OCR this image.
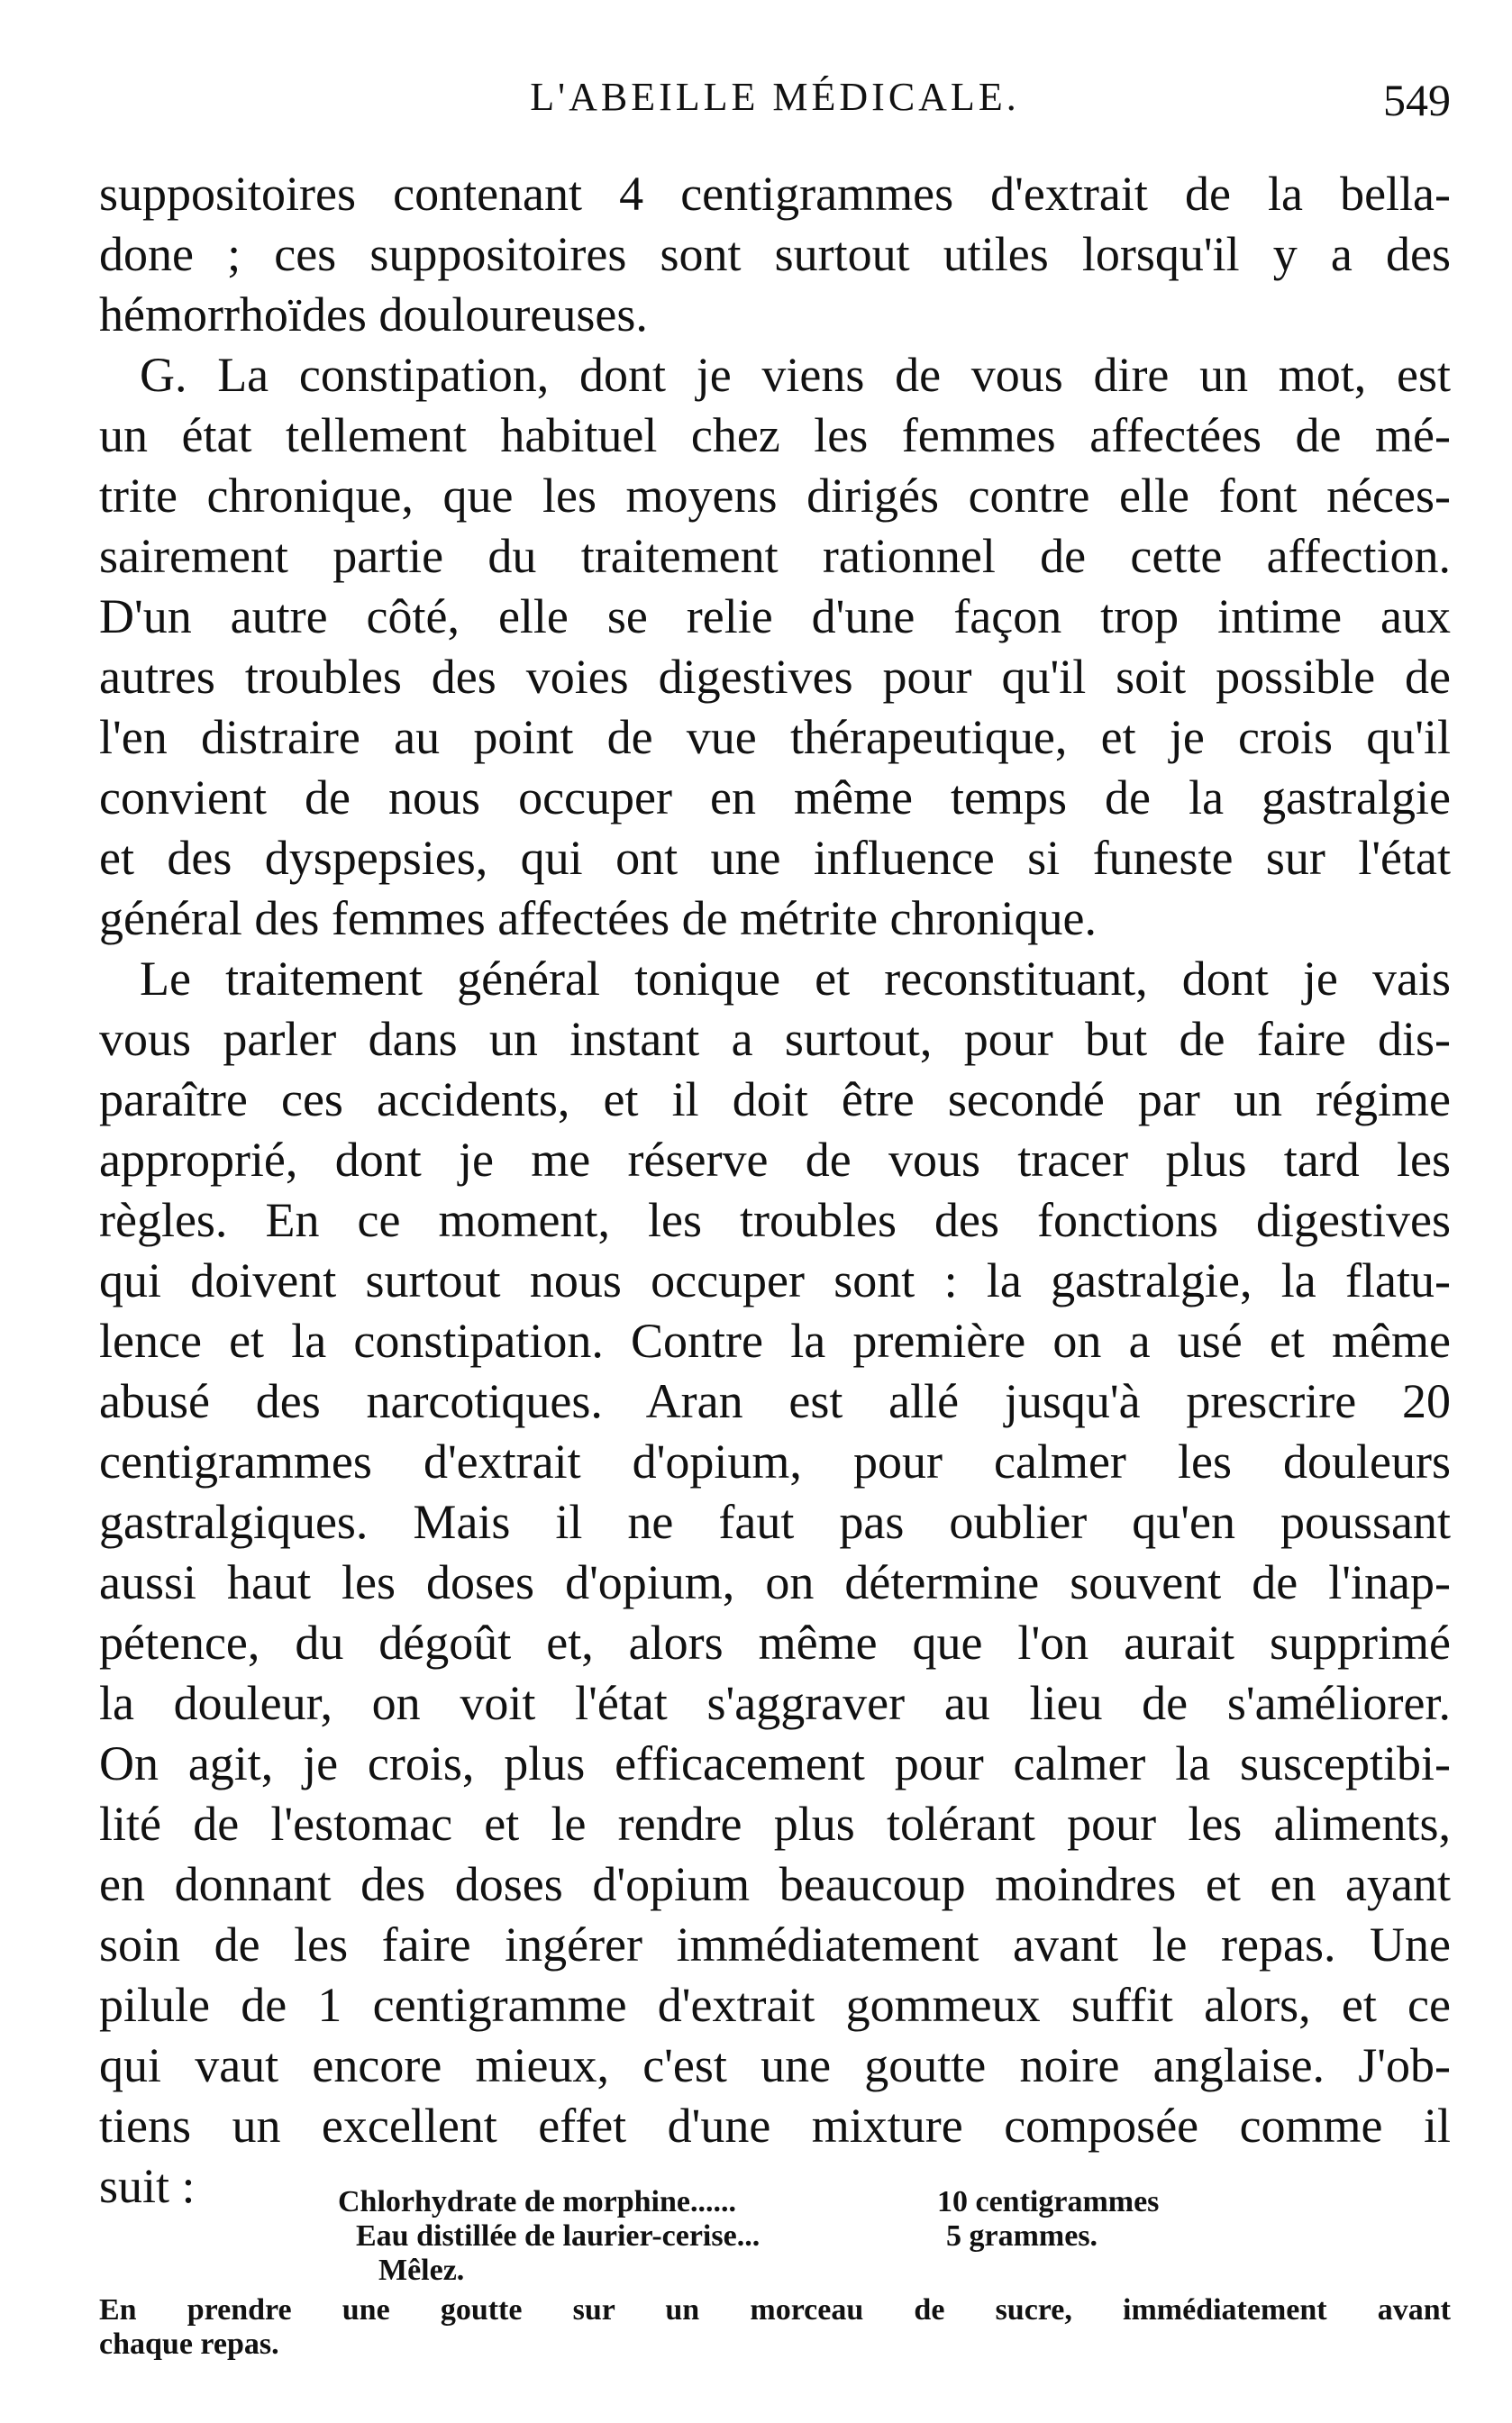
L'ABEILLE MÉDICALE.	549
suppositoires contenant 4 centigrammes d'extrait de la bella-
done ; ces suppositoires sont surtout utiles lorsqu'il y a des
hémorrhoïdes douloureuses.
G. La constipation, dont je viens de vous dire un mot, est
un état tellement habituel chez les femmes affectées de mé-
trite chronique, que les moyens dirigés contre elle font néces-
sairement partie du traitement rationnel de cette affection.
D'un autre côté, elle se relie d'une façon trop intime aux
autres troubles des voies digestives pour qu'il soit possible de
l'en distraire au point de vue thérapeutique, et je crois qu'il
convient de nous occuper en même temps de la gastralgie
et des dyspepsies, qui ont une influence si funeste sur l'état
général des femmes affectées de métrite chronique.
Le traitement général tonique et reconstituant, dont je vais
vous parler dans un instant a surtout, pour but de faire dis-
paraître ces accidents, et il doit être secondé par un régime
approprié, dont je me réserve de vous tracer plus tard les
règles. En ce moment, les troubles des fonctions digestives
qui doivent surtout nous occuper sont : la gastralgie, la flatu-
lence et la constipation. Contre la première on a usé et même
abusé des narcotiques. Aran est allé jusqu'à prescrire 20
centigrammes d'extrait d'opium, pour calmer les douleurs
gastralgiques. Mais il ne faut pas oublier qu'en poussant
aussi haut les doses d'opium, on détermine souvent de l'inap-
pétence, du dégoût et, alors même que l'on aurait supprimé
la douleur, on voit l'état s'aggraver au lieu de s'améliorer.
On agit, je crois, plus efficacement pour calmer la susceptibi-
lité de l'estomac et le rendre plus tolérant pour les aliments,
en donnant des doses d'opium beaucoup moindres et en ayant
soin de les faire ingérer immédiatement avant le repas. Une
pilule de 1 centigramme d'extrait gommeux suffit alors, et ce
qui vaut encore mieux, c'est une goutte noire anglaise. J'ob-
tiens un excellent effet d'une mixture composée comme il
suit :	Chlorhydrate de morphine......	10 centigrammes
Eau distillée de laurier-cerise...	5 grammes.
Mêlez.
En prendre une goutte sur un morceau de sucre, immédiatement avant
chaque repas.
